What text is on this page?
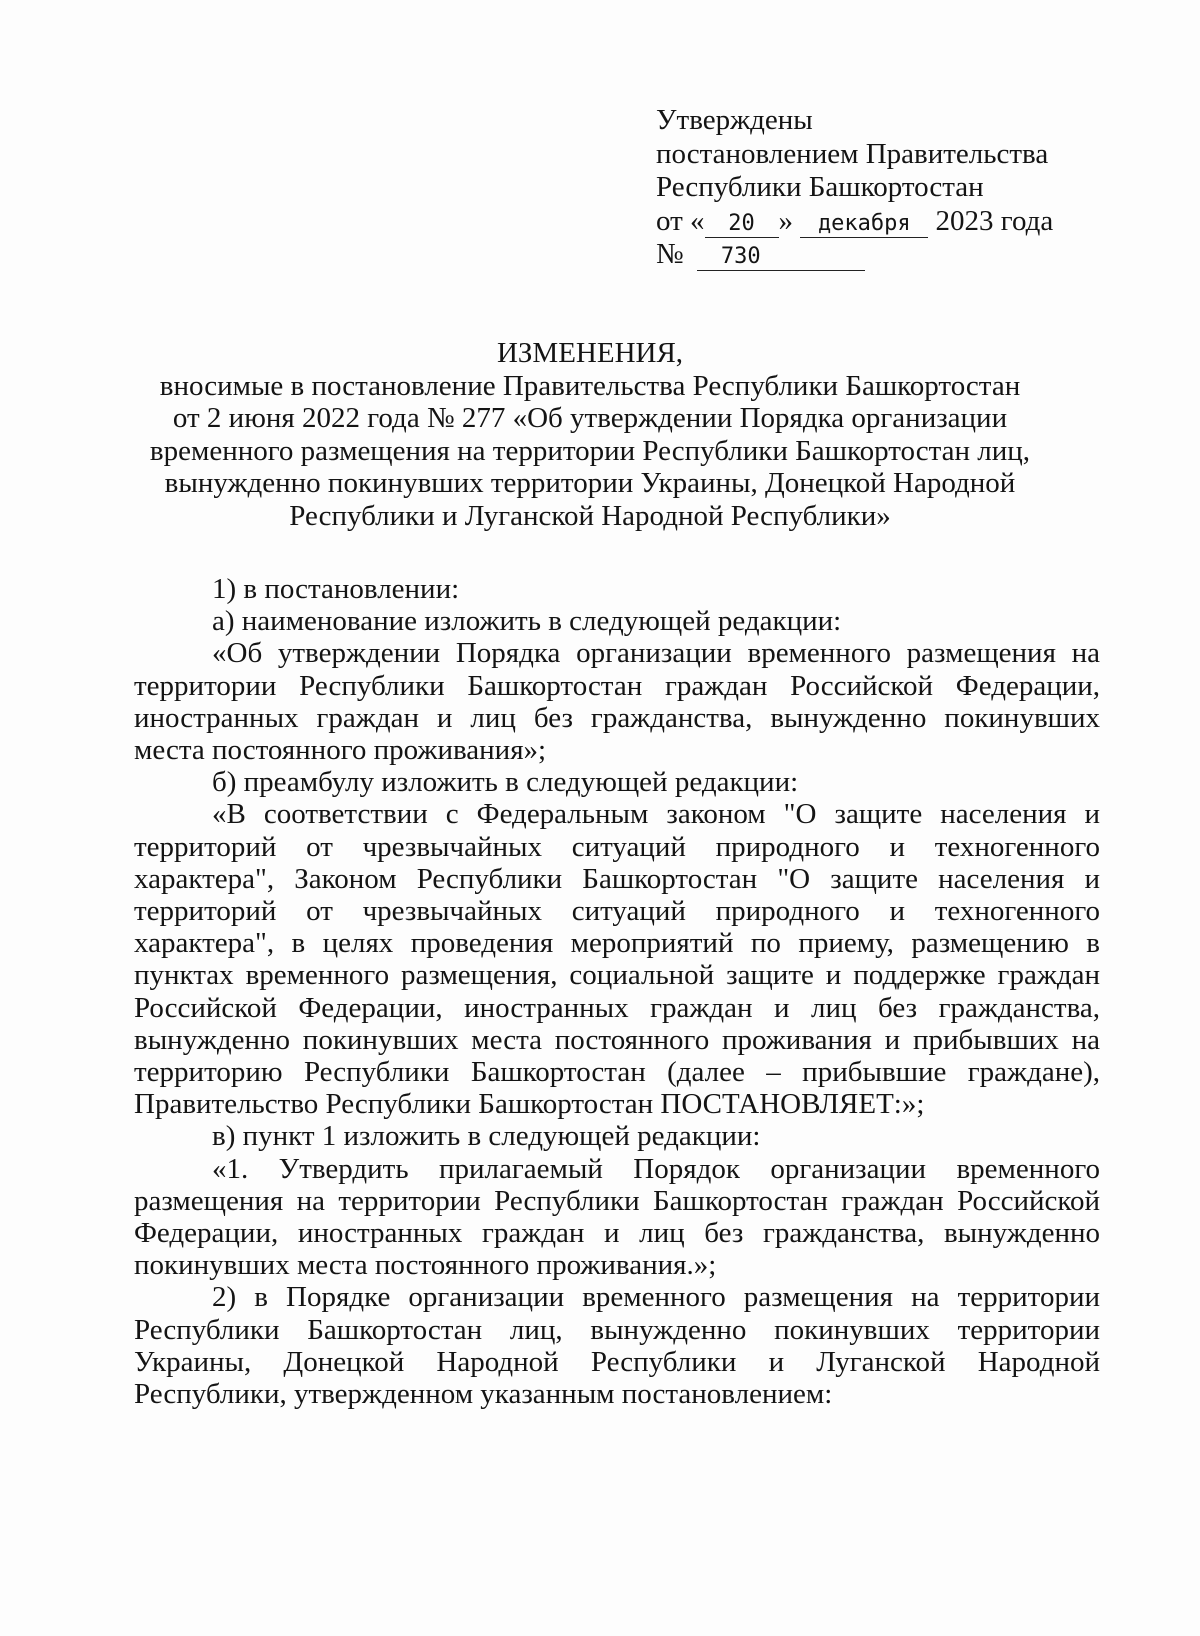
Утверждены
постановлением Правительства
Республики Башкортостан
от « 20 » декабря 2023 года
№ 730
ИЗМЕНЕНИЯ,
вносимые в постановление Правительства Республики Башкортостан
от 2 июня 2022 года № 277 «Об утверждении Порядка организации
временного размещения на территории Республики Башкортостан лиц,
вынужденно покинувших территории Украины, Донецкой Народной
Республики и Луганской Народной Республики»

1) в постановлении:

а) наименование изложить в следующей редакции:

«Об утверждении Порядка организации временного размещения на территории Республики Башкортостан граждан Российской Федерации, иностранных граждан и лиц без гражданства, вынужденно покинувших места постоянного проживания»;

б) преамбулу изложить в следующей редакции:

«В соответствии с Федеральным законом "О защите населения и территорий от чрезвычайных ситуаций природного и техногенного характера", Законом Республики Башкортостан "О защите населения и территорий от чрезвычайных ситуаций природного и техногенного характера", в целях проведения мероприятий по приему, размещению в пунктах временного размещения, социальной защите и поддержке граждан Российской Федерации, иностранных граждан и лиц без гражданства, вынужденно покинувших места постоянного проживания и прибывших на территорию Республики Башкортостан (далее – прибывшие граждане), Правительство Республики Башкортостан ПОСТАНОВЛЯЕТ:»;

в) пункт 1 изложить в следующей редакции:

«1. Утвердить прилагаемый Порядок организации временного размещения на территории Республики Башкортостан граждан Российской Федерации, иностранных граждан и лиц без гражданства, вынужденно покинувших места постоянного проживания.»;

2) в Порядке организации временного размещения на территории Республики Башкортостан лиц, вынужденно покинувших территории Украины, Донецкой Народной Республики и Луганской Народной Республики, утвержденном указанным постановлением:
